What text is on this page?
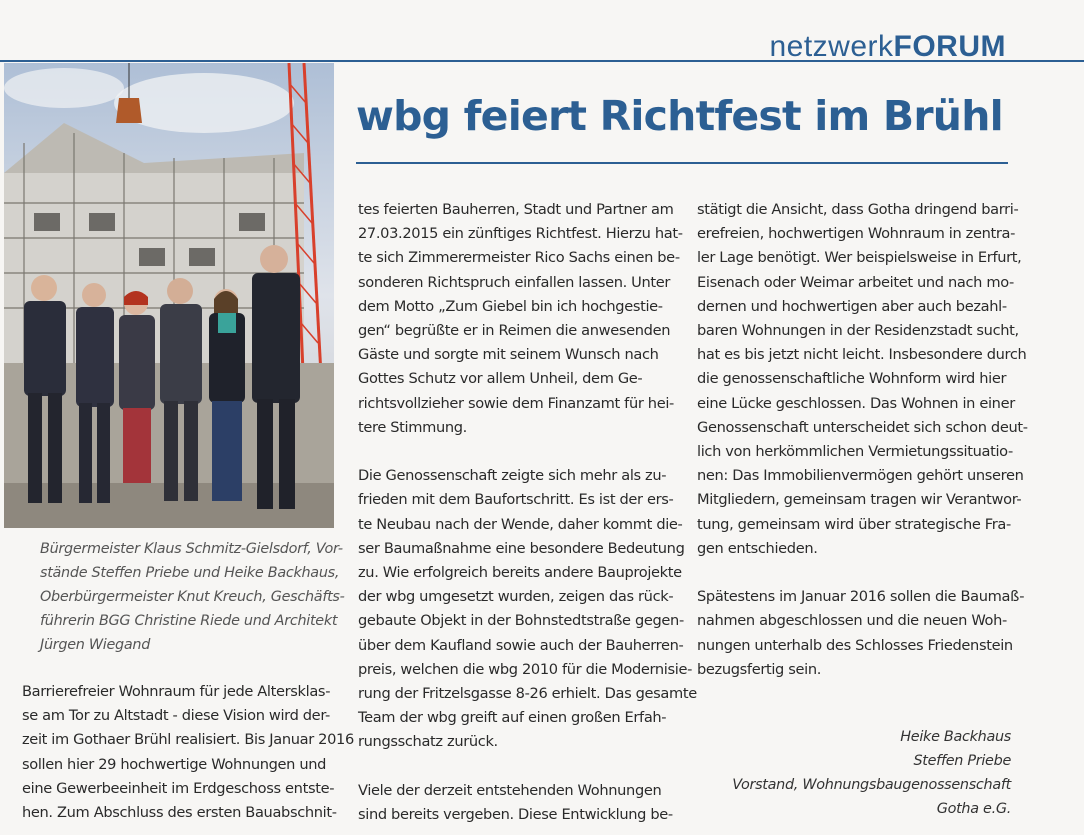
netzwerkFORUM
wbg feiert Richtfest im Brühl
Bürgermeister Klaus Schmitz-Gielsdorf, Vor-
stände Steffen Priebe und Heike Backhaus,
Oberbürgermeister Knut Kreuch, Geschäfts-
führerin BGG Christine Riede und Architekt
Jürgen Wiegand
Barrierefreier Wohnraum für jede Altersklas-
se am Tor zu Altstadt - diese Vision wird der-
zeit im Gothaer Brühl realisiert. Bis Januar 2016
sollen hier 29 hochwertige Wohnungen und
eine Gewerbeeinheit im Erdgeschoss entste-
hen. Zum Abschluss des ersten Bauabschnit-
tes feierten Bauherren, Stadt und Partner am
27.03.2015 ein zünftiges Richtfest. Hierzu hat-
te sich Zimmerermeister Rico Sachs einen be-
sonderen Richtspruch einfallen lassen. Unter
dem Motto „Zum Giebel bin ich hochgestie-
gen“ begrüßte er in Reimen die anwesenden
Gäste und sorgte mit seinem Wunsch nach
Gottes Schutz vor allem Unheil, dem Ge-
richtsvollzieher sowie dem Finanzamt für hei-
tere Stimmung.
Die Genossenschaft zeigte sich mehr als zu-
frieden mit dem Baufortschritt. Es ist der ers-
te Neubau nach der Wende, daher kommt die-
ser Baumaßnahme eine besondere Bedeutung
zu. Wie erfolgreich bereits andere Bauprojekte
der wbg umgesetzt wurden, zeigen das rück-
gebaute Objekt in der Bohnstedtstraße gegen-
über dem Kaufland sowie auch der Bauherren-
preis, welchen die wbg 2010 für die Modernisie-
rung der Fritzelsgasse 8-26 erhielt. Das gesamte
Team der wbg greift auf einen großen Erfah-
rungsschatz zurück.
Viele der derzeit entstehenden Wohnungen
sind bereits vergeben. Diese Entwicklung be-
stätigt die Ansicht, dass Gotha dringend barri-
erefreien, hochwertigen Wohnraum in zentra-
ler Lage benötigt. Wer beispielsweise in Erfurt,
Eisenach oder Weimar arbeitet und nach mo-
dernen und hochwertigen aber auch bezahl-
baren Wohnungen in der Residenzstadt sucht,
hat es bis jetzt nicht leicht. Insbesondere durch
die genossenschaftliche Wohnform wird hier
eine Lücke geschlossen. Das Wohnen in einer
Genossenschaft unterscheidet sich schon deut-
lich von herkömmlichen Vermietungssituatio-
nen: Das Immobilienvermögen gehört unseren
Mitgliedern, gemeinsam tragen wir Verantwor-
tung, gemeinsam wird über strategische Fra-
gen entschieden.
Spätestens im Januar 2016 sollen die Baumaß-
nahmen abgeschlossen und die neuen Woh-
nungen unterhalb des Schlosses Friedenstein
bezugsfertig sein.
Heike Backhaus
Steffen Priebe
Vorstand, Wohnungsbaugenossenschaft
Gotha e.G.
